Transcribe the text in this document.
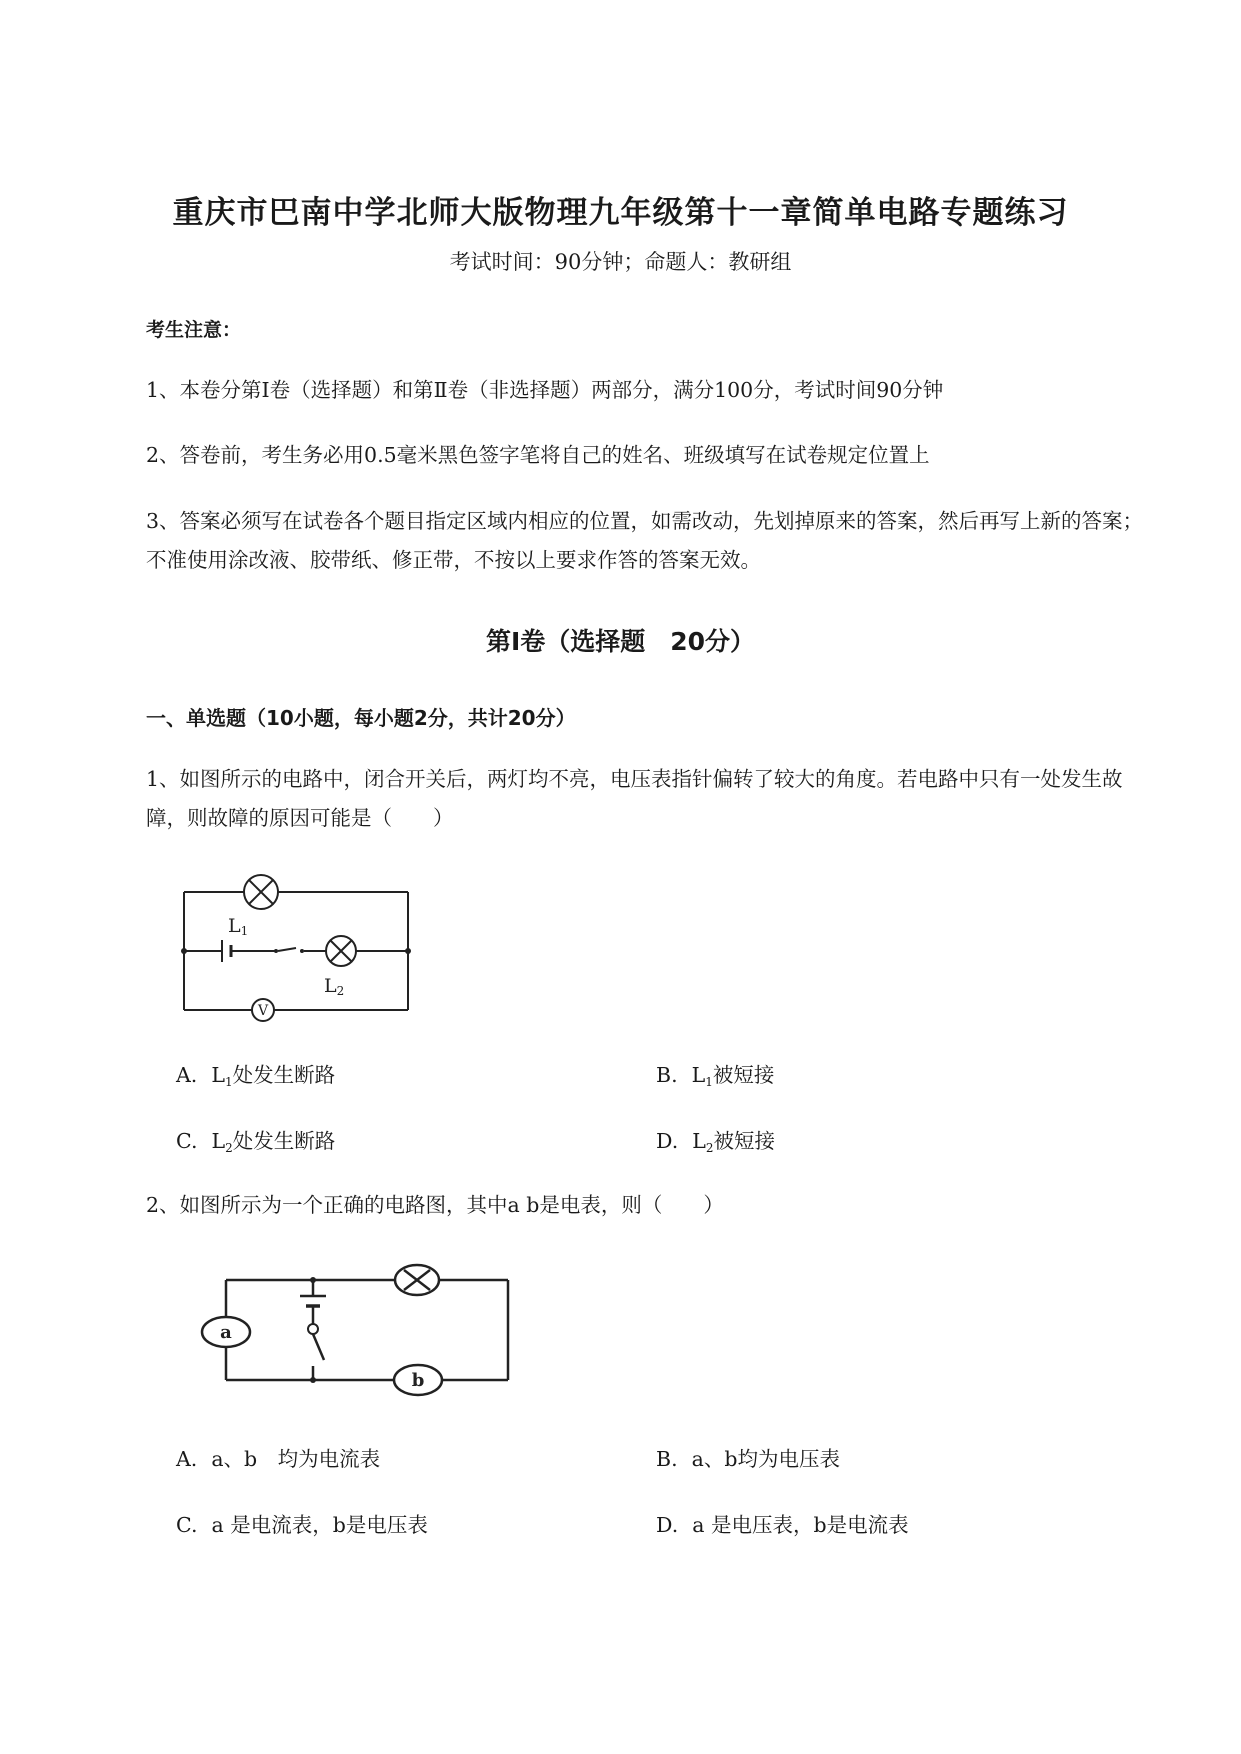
重庆市巴南中学北师大版物理九年级第十一章简单电路专题练习
考试时间：90分钟；命题人：教研组
考生注意：
1、本卷分第Ⅰ卷（选择题）和第Ⅱ卷（非选择题）两部分，满分100分，考试时间90分钟
2、答卷前，考生务必用0.5毫米黑色签字笔将自己的姓名、班级填写在试卷规定位置上
3、答案必须写在试卷各个题目指定区域内相应的位置，如需改动，先划掉原来的答案，然后再写上新的答案；不准使用涂改液、胶带纸、修正带，不按以上要求作答的答案无效。
第Ⅰ卷（选择题　20分）
一、单选题（10小题，每小题2分，共计20分）
1、如图所示的电路中，闭合开关后，两灯均不亮，电压表指针偏转了较大的角度。若电路中只有一处发生故障，则故障的原因可能是（　　）
L1
L2
V
A. $L_1$处发生断路	B. $L_1$被短接
C. $L_2$处发生断路	D. $L_2$被短接
2、如图所示为一个正确的电路图，其中a b是电表，则（　　）
a
b
A. a、b　均为电流表	B. a、b均为电压表
C. a 是电流表，b是电压表	D. a 是电压表，b是电流表
